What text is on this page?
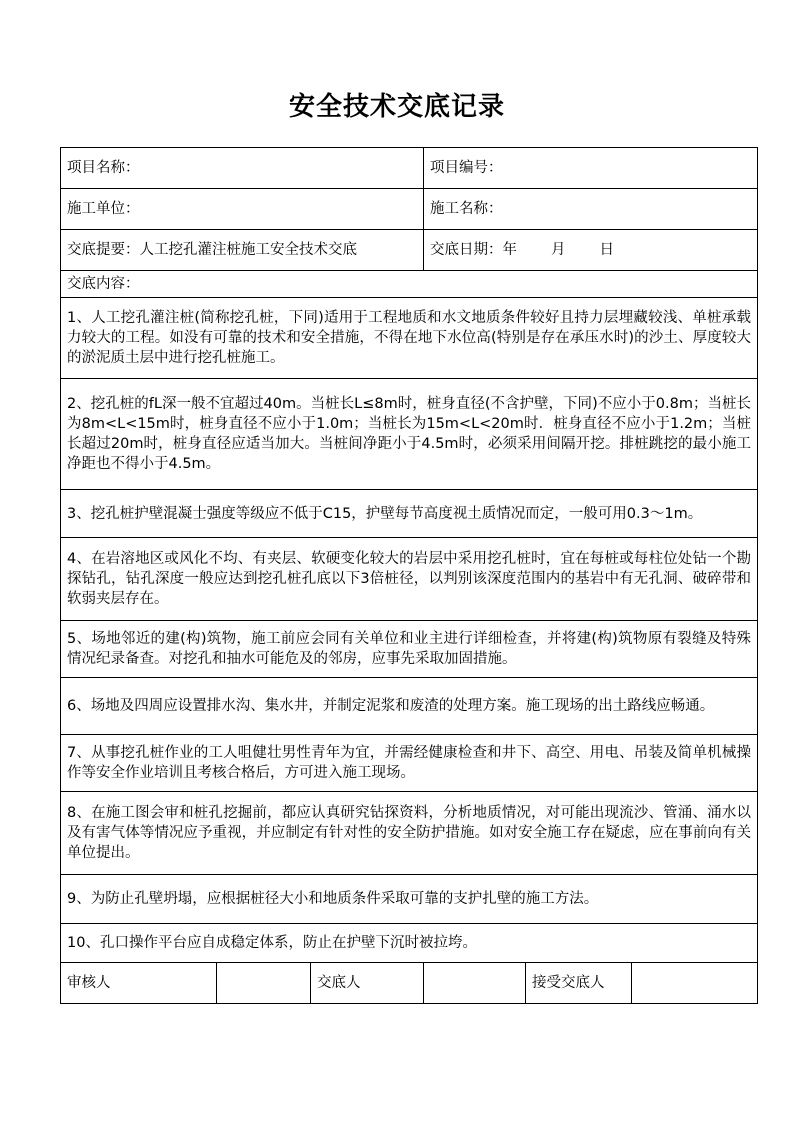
安全技术交底记录
项目名称：			项目编号：		
施工单位：			施工名称：		
交底提要：人工挖孔灌注桩施工安全技术交底			交底日期：年 月 日		
交底内容：					
1、人工挖孔灌注桩(简称挖孔桩，下同)适用于工程地质和水文地质条件较好且持力层埋藏较浅、单桩承载力较大的工程。如没有可靠的技术和安全措施，不得在地下水位高(特别是存在承压水时)的沙土、厚度较大的淤泥质土层中进行挖孔桩施工。					
2、挖孔桩的fL深一般不宜超过40m。当桩长L≤8m时，桩身直径(不含护壁，下同)不应小于0.8m；当桩长为8m<L<15m时，桩身直径不应小于1.0m；当桩长为15m<L<20m时．桩身直径不应小于1.2m；当桩长超过20m时，桩身直径应适当加大。当桩间净距小于4.5m时，必须采用间隔开挖。排桩跳挖的最小施工净距也不得小于4.5m。					
3、挖孔桩护壁混凝士强度等级应不低于C15，护壁每节高度视土质情况而定，一般可用0.3～1m。					
4、在岩溶地区或风化不均、有夹层、软硬变化较大的岩层中采用挖孔桩时，宜在每桩或每柱位处钻一个勘探钻孔，钻孔深度一般应达到挖孔桩孔底以下3倍桩径，以判别该深度范围内的基岩中有无孔洞、破碎带和软弱夹层存在。					
5、场地邻近的建(构)筑物，施工前应会同有关单位和业主进行详细检查，并将建(构)筑物原有裂缝及特殊情况纪录备查。对挖孔和抽水可能危及的邻房，应事先采取加固措施。					
6、场地及四周应设置排水沟、集水井，并制定泥浆和废渣的处理方案。施工现场的出土路线应畅通。					
7、从事挖孔桩作业的工人咀健壮男性青年为宜，并需经健康检查和井下、高空、用电、吊装及简单机械操作等安全作业培训且考核合格后，方可进入施工现场。					
8、在施工图会审和桩孔挖掘前，都应认真研究钻探资料，分析地质情况，对可能出现流沙、管涌、涌水以及有害气体等情况应予重视，并应制定有针对性的安全防护措施。如对安全施工存在疑虑，应在事前向有关单位提出。					
9、为防止孔壁坍塌，应根据桩径大小和地质条件采取可靠的支护扎壁的施工方法。					
10、孔口操作平台应自成稳定体系，防止在护壁下沉时被拉垮。					
审核人		交底人		接受交底人	
